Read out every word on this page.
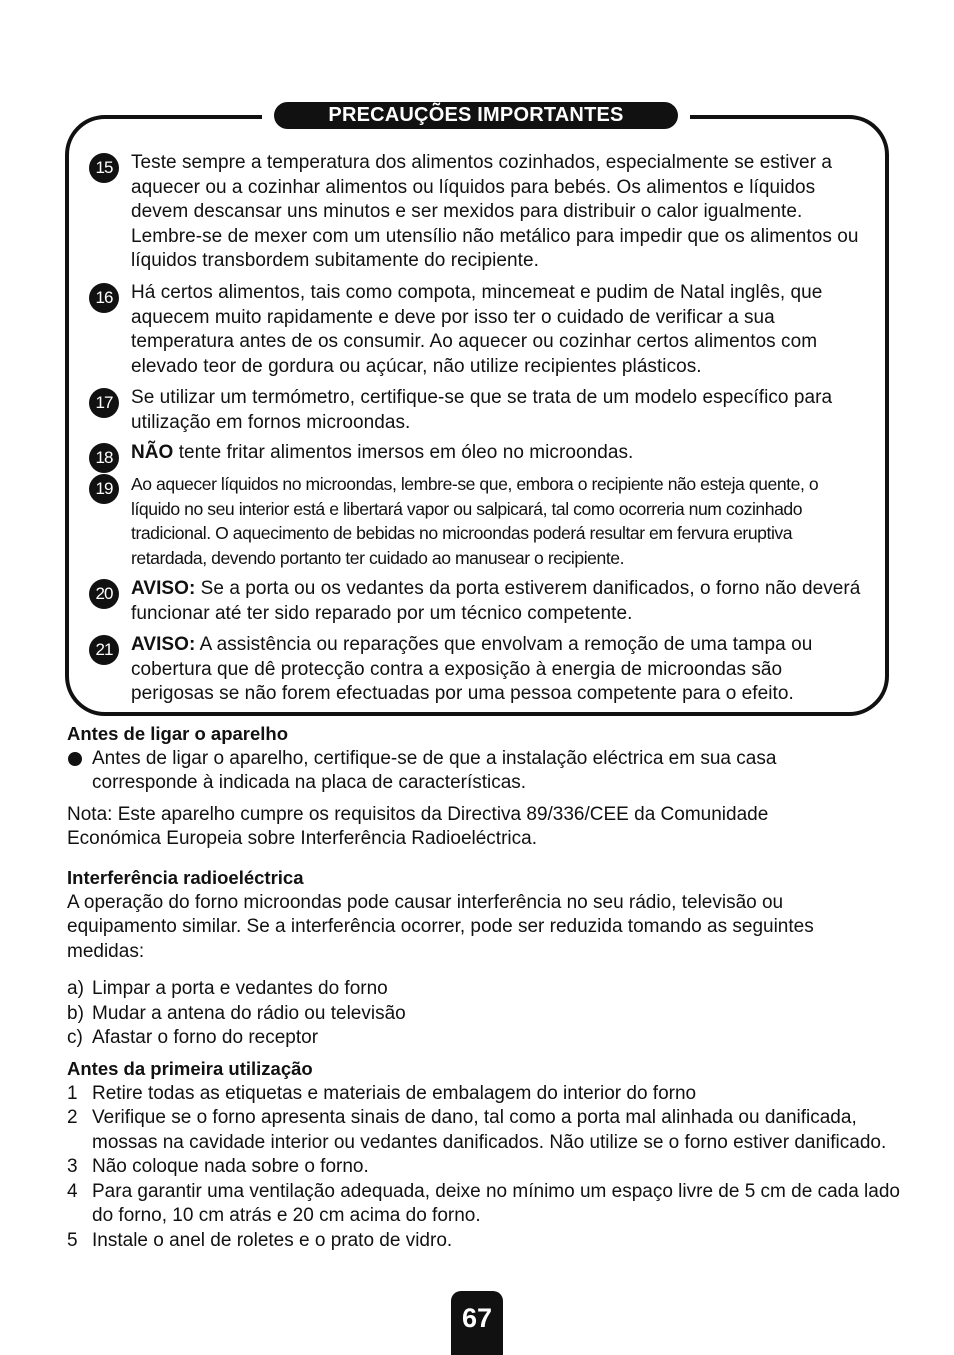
PRECAUÇÕES IMPORTANTES
15 Teste sempre a temperatura dos alimentos cozinhados, especialmente se estiver a aquecer ou a cozinhar alimentos ou líquidos para bebés. Os alimentos e líquidos devem descansar uns minutos e ser mexidos para distribuir o calor igualmente. Lembre-se de mexer com um utensílio não metálico para impedir que os alimentos ou líquidos transbordem subitamente do recipiente.
16 Há certos alimentos, tais como compota, mincemeat e pudim de Natal inglês, que aquecem muito rapidamente e deve por isso ter o cuidado de verificar a sua temperatura antes de os consumir. Ao aquecer ou cozinhar certos alimentos com elevado teor de gordura ou açúcar, não utilize recipientes plásticos.
17 Se utilizar um termómetro, certifique-se que se trata de um modelo específico para utilização em fornos microondas.
18 NÃO tente fritar alimentos imersos em óleo no microondas.
19	Ao aquecer líquidos no microondas, lembre-se que, embora o recipiente não esteja quente, o líquido no seu interior está e libertará vapor ou salpicará, tal como ocorreria num cozinhado tradicional. O aquecimento de bebidas no microondas poderá resultar em fervura eruptiva retardada, devendo portanto ter cuidado ao manusear o recipiente.
20 AVISO: Se a porta ou os vedantes da porta estiverem danificados, o forno não deverá funcionar até ter sido reparado por um técnico competente.
21 AVISO: A assistência ou reparações que envolvam a remoção de uma tampa ou cobertura que dê protecção contra a exposição à energia de microondas são perigosas se não forem efectuadas por uma pessoa competente para o efeito.
Antes de ligar o aparelho
Antes de ligar o aparelho, certifique-se de que a instalação eléctrica em sua casa corresponde à indicada na placa de características.
Nota: Este aparelho cumpre os requisitos da Directiva 89/336/CEE da Comunidade Económica Europeia sobre Interferência Radioeléctrica.
Interferência radioeléctrica
A operação do forno microondas pode causar interferência no seu rádio, televisão ou equipamento similar. Se a interferência ocorrer, pode ser reduzida tomando as seguintes medidas:
a) Limpar a porta e vedantes do forno
b) Mudar a antena do rádio ou televisão
c) Afastar o forno do receptor
Antes da primeira utilização
1 Retire todas as etiquetas e materiais de embalagem do interior do forno
2 Verifique se o forno apresenta sinais de dano, tal como a porta mal alinhada ou danificada, mossas na cavidade interior ou vedantes danificados. Não utilize se o forno estiver danificado.
3 Não coloque nada sobre o forno.
4 Para garantir uma ventilação adequada, deixe no mínimo um espaço livre de 5 cm de cada lado do forno, 10 cm atrás e 20 cm acima do forno.
5 Instale o anel de roletes e o prato de vidro.
67
